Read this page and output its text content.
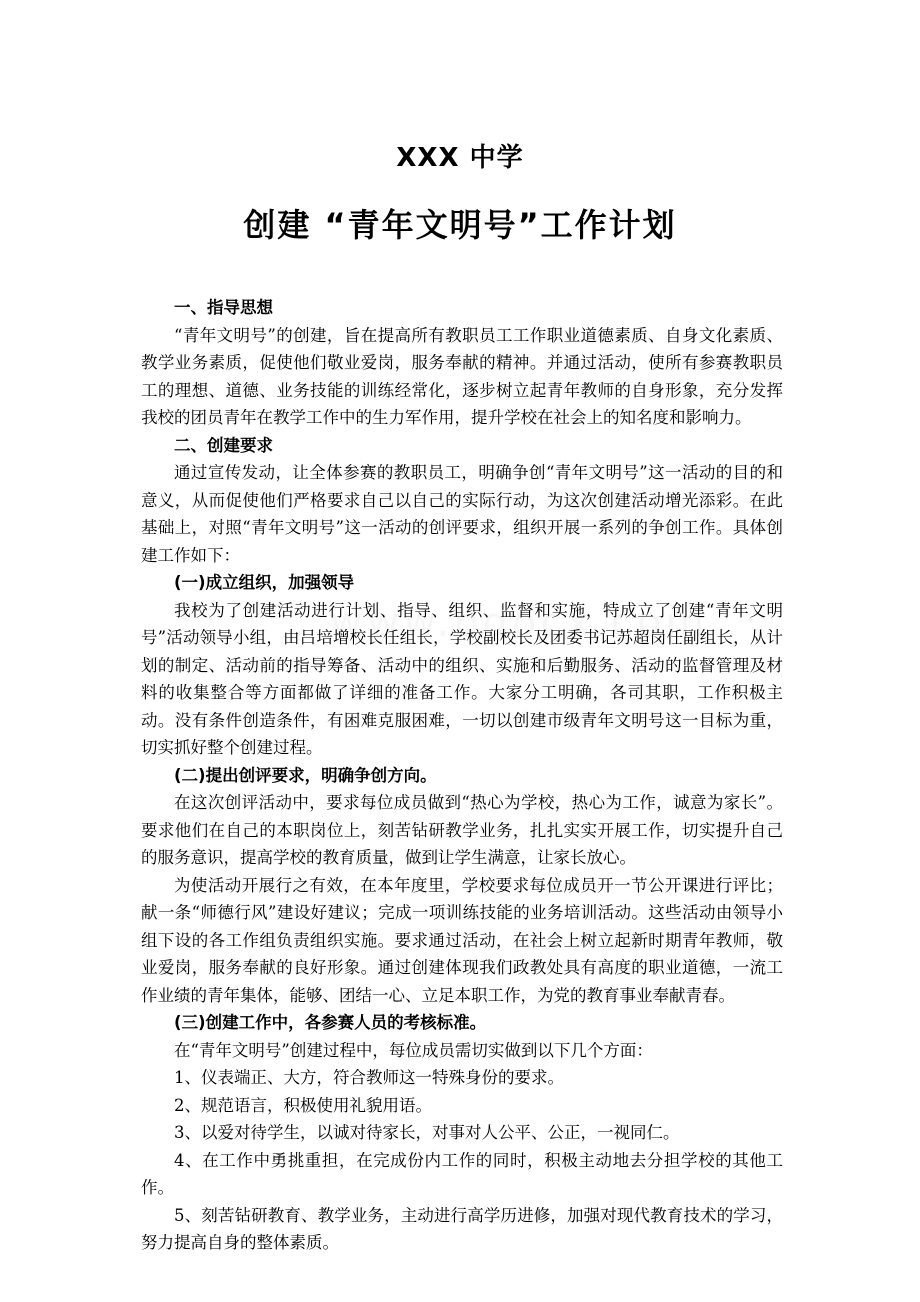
XXX 中学
创建 “青年文明号”工作计划

一、指导思想

“青年文明号”的创建，旨在提高所有教职员工工作职业道德素质、自身文化素质、教学业务素质，促使他们敬业爱岗，服务奉献的精神。并通过活动，使所有参赛教职员工的理想、道德、业务技能的训练经常化，逐步树立起青年教师的自身形象，充分发挥我校的团员青年在教学工作中的生力军作用，提升学校在社会上的知名度和影响力。

二、创建要求

通过宣传发动，让全体参赛的教职员工，明确争创“青年文明号”这一活动的目的和意义，从而促使他们严格要求自己以自己的实际行动，为这次创建活动增光添彩。在此基础上，对照“青年文明号”这一活动的创评要求，组织开展一系列的争创工作。具体创建工作如下：

(一)成立组织，加强领导

我校为了创建活动进行计划、指导、组织、监督和实施，特成立了创建“青年文明号”活动领导小组，由吕培增校长任组长，学校副校长及团委书记苏超岗任副组长，从计划的制定、活动前的指导筹备、活动中的组织、实施和后勤服务、活动的监督管理及材料的收集整合等方面都做了详细的准备工作。大家分工明确，各司其职，工作积极主动。没有条件创造条件，有困难克服困难，一切以创建市级青年文明号这一目标为重，切实抓好整个创建过程。

(二)提出创评要求，明确争创方向。

在这次创评活动中，要求每位成员做到“热心为学校，热心为工作，诚意为家长”。要求他们在自己的本职岗位上，刻苦钻研教学业务，扎扎实实开展工作，切实提升自己的服务意识，提高学校的教育质量，做到让学生满意，让家长放心。

为使活动开展行之有效，在本年度里，学校要求每位成员开一节公开课进行评比；献一条“师德行风”建设好建议；完成一项训练技能的业务培训活动。这些活动由领导小组下设的各工作组负责组织实施。要求通过活动，在社会上树立起新时期青年教师，敬业爱岗，服务奉献的良好形象。通过创建体现我们政教处具有高度的职业道德，一流工作业绩的青年集体，能够、团结一心、立足本职工作，为党的教育事业奉献青春。

(三)创建工作中，各参赛人员的考核标准。

在“青年文明号”创建过程中，每位成员需切实做到以下几个方面：

1、仪表端正、大方，符合教师这一特殊身份的要求。

2、规范语言，积极使用礼貌用语。

3、以爱对待学生，以诚对待家长，对事对人公平、公正，一视同仁。

4、在工作中勇挑重担，在完成份内工作的同时，积极主动地去分担学校的其他工作。

5、刻苦钻研教育、教学业务，主动进行高学历进修，加强对现代教育技术的学习，努力提高自身的整体素质。
